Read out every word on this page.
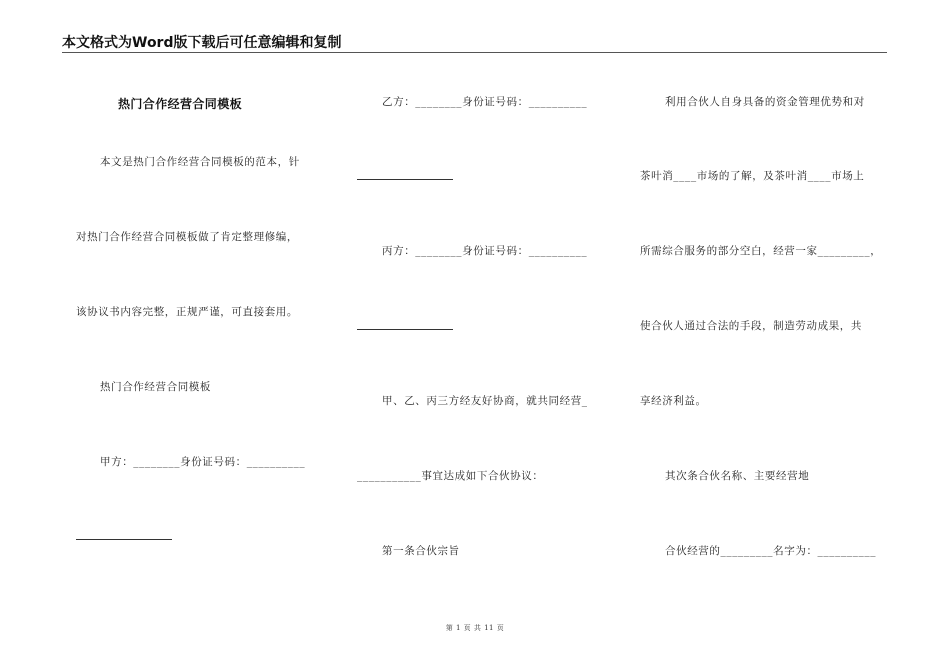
本文格式为Word版下载后可任意编辑和复制
热门合作经营合同模板
本文是热门合作经营合同模板的范本，针
对热门合作经营合同模板做了肯定整理修编，
该协议书内容完整，正规严谨，可直接套用。
热门合作经营合同模板
甲方：________身份证号码：__________
乙方：________身份证号码：__________
丙方：________身份证号码：__________
甲、乙、丙三方经友好协商，就共同经营_
___________事宜达成如下合伙协议：
第一条合伙宗旨
利用合伙人自身具备的资金管理优势和对
茶叶消____市场的了解，及茶叶消____市场上
所需综合服务的部分空白，经营一家_________，
使合伙人通过合法的手段，制造劳动成果，共
享经济利益。
其次条合伙名称、主要经营地
合伙经营的_________名字为：__________
第 1 页 共 11 页
